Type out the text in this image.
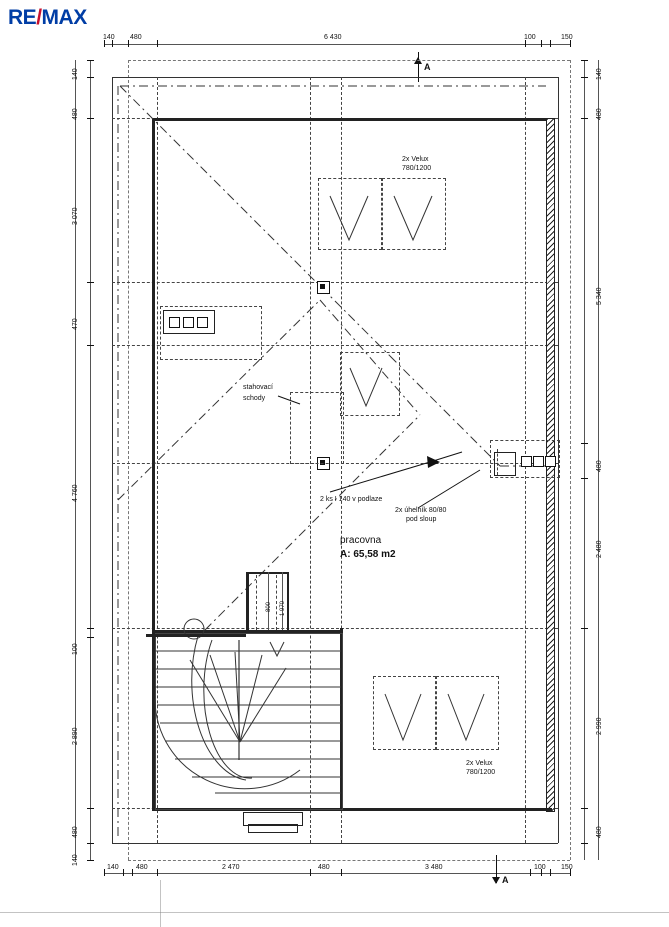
RE/MAX
140 480	6 430	100	150
140 480	2 470	480	3 480	100 150
140
480
3 070
470
4 760
100
2 890
480
140
140
480
5 340
480
2 480
2 990
480
A
A
2x Velux
780/1200
2x Velux
780/1200
stahovací
schody
2 ks I 140 v podlaze
2x úhelník 80/80
pod sloup
pracovna
A: 65,58 m2
800 1 970
